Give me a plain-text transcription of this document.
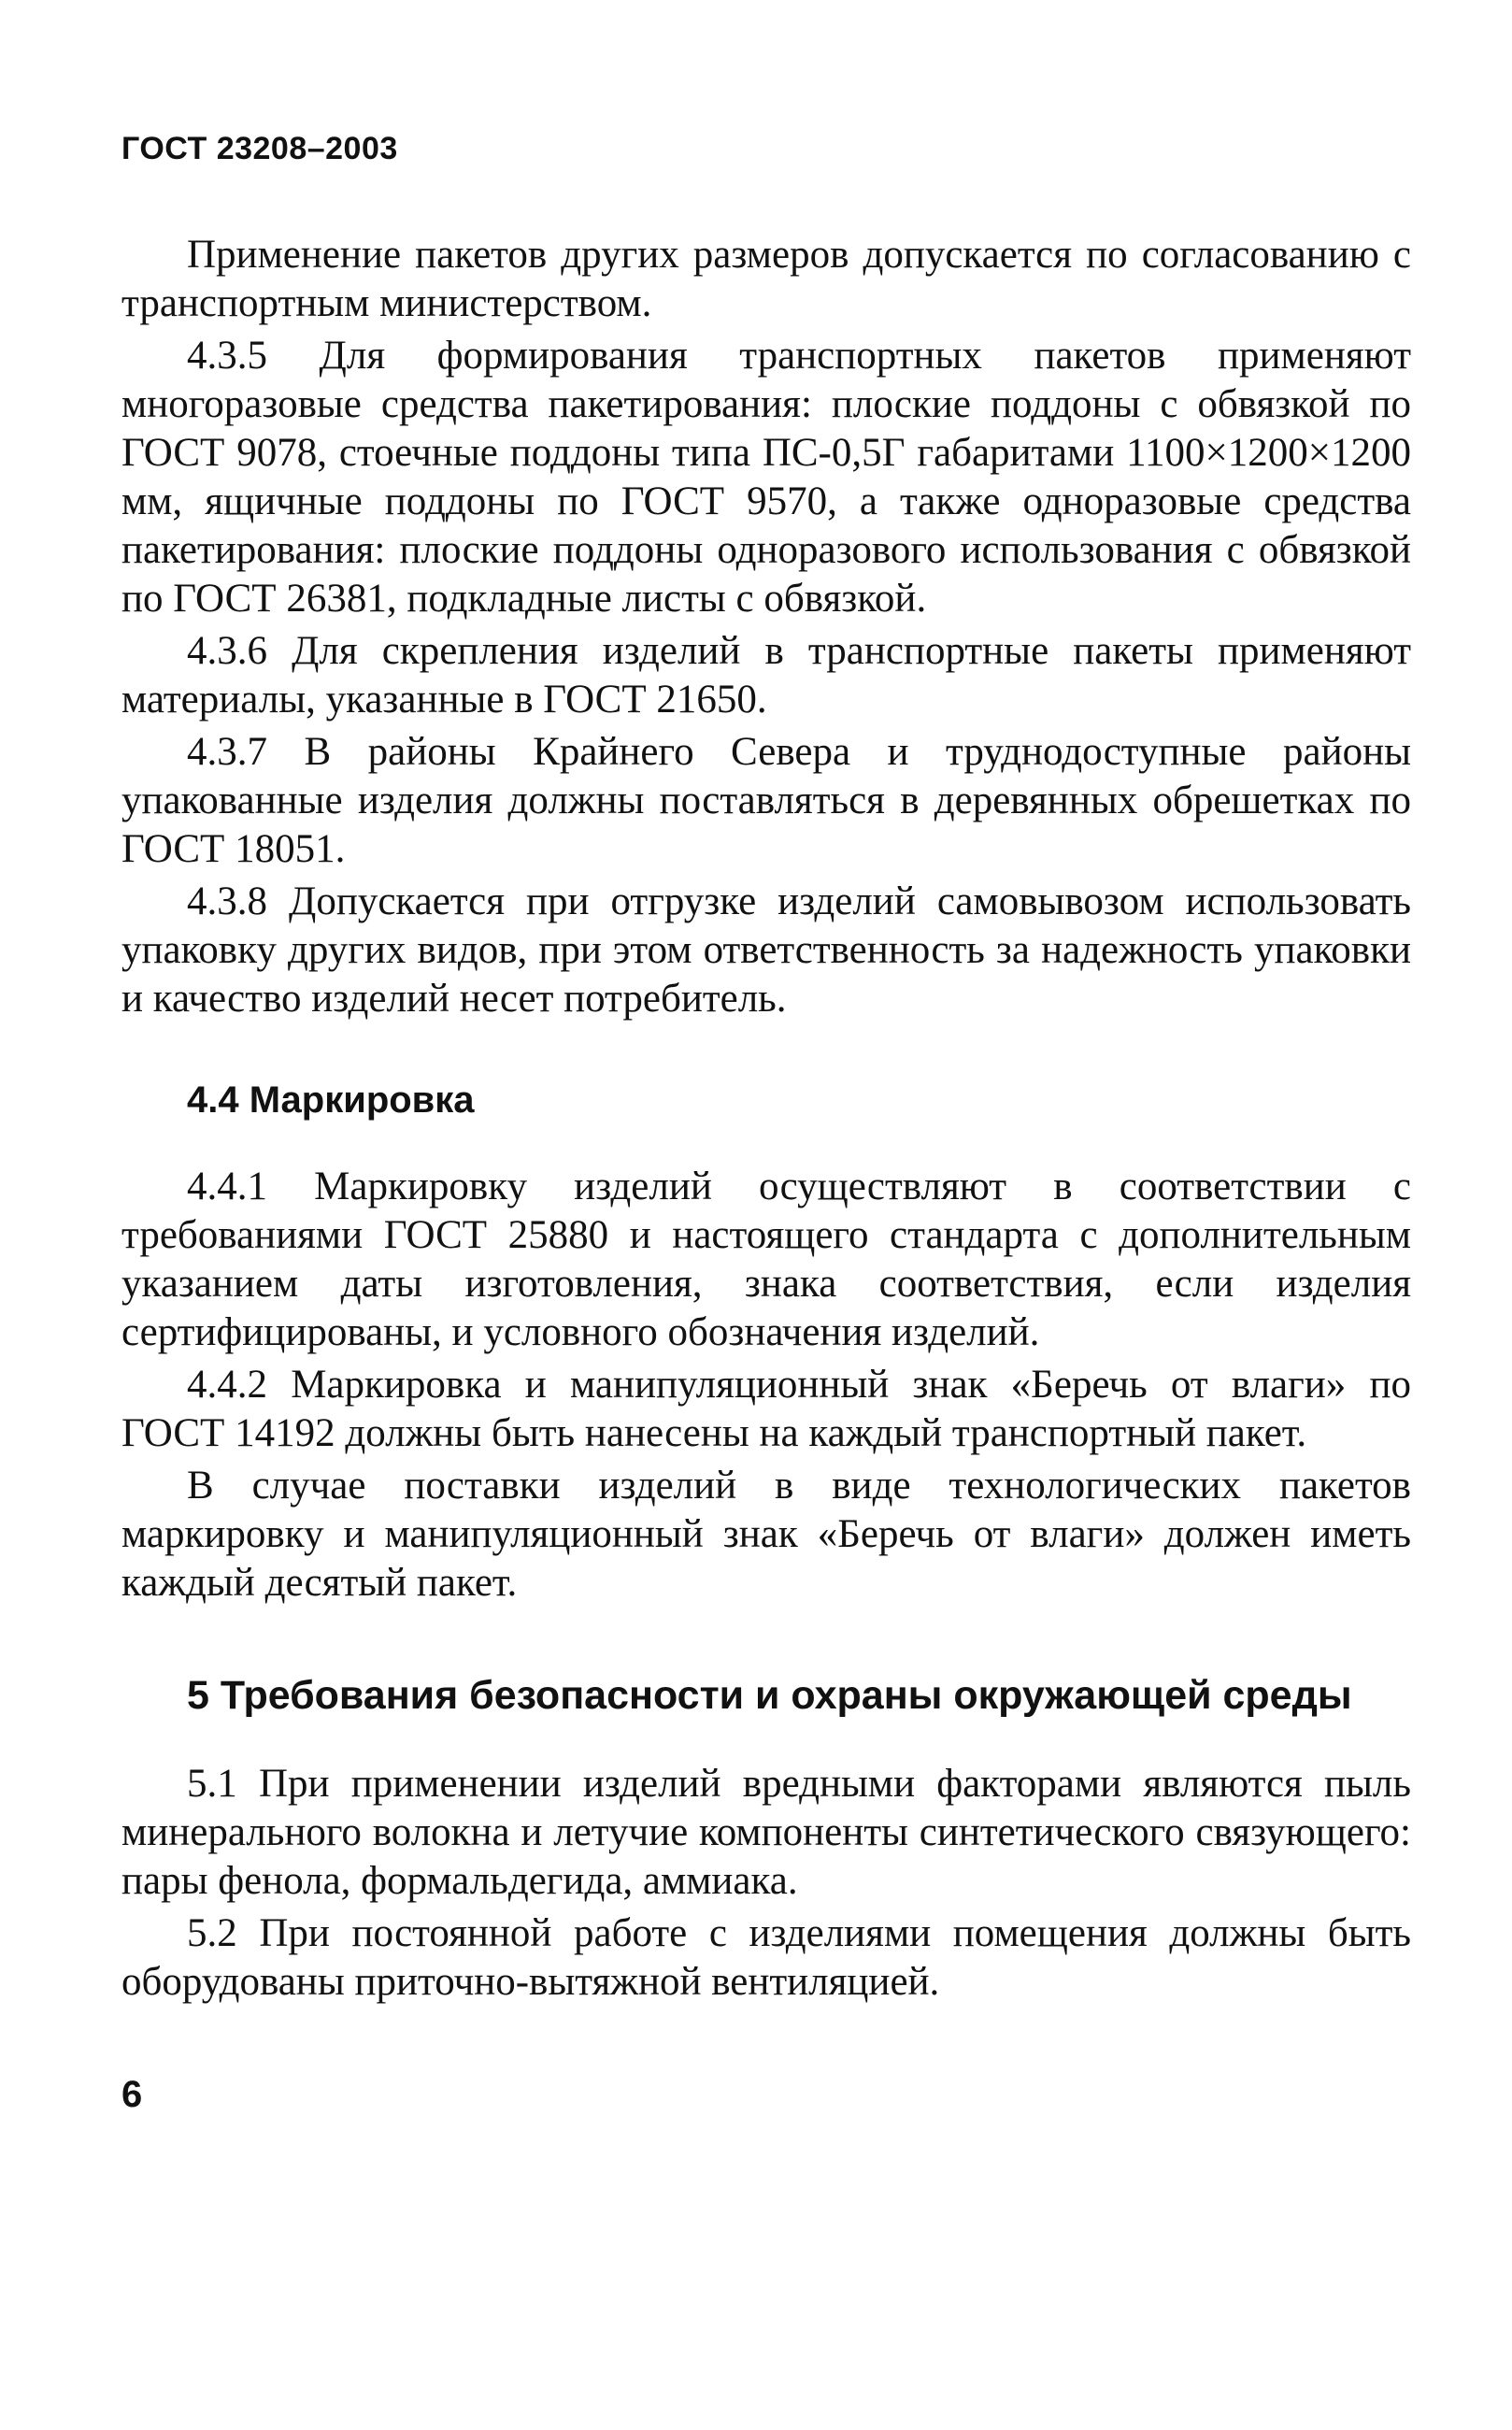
ГОСТ 23208–2003

Применение пакетов других размеров допускается по согласованию с транспортным министерством.

4.3.5 Для формирования транспортных пакетов применяют многоразовые средства пакетирования: плоские поддоны с обвязкой по ГОСТ 9078, стоечные поддоны типа ПС-0,5Г габаритами 1100×1200×1200 мм, ящичные поддоны по ГОСТ 9570, а также одноразовые средства пакетирования: плоские поддоны одноразового использования с обвязкой по ГОСТ 26381, подкладные листы с обвязкой.

4.3.6 Для скрепления изделий в транспортные пакеты применяют материалы, указанные в ГОСТ 21650.

4.3.7 В районы Крайнего Севера и труднодоступные районы упакованные изделия должны поставляться в деревянных обрешетках по ГОСТ 18051.

4.3.8 Допускается при отгрузке изделий самовывозом использовать упаковку других видов, при этом ответственность за надежность упаковки и качество изделий несет потребитель.

4.4 Маркировка

4.4.1 Маркировку изделий осуществляют в соответствии с требованиями ГОСТ 25880 и настоящего стандарта с дополнительным указанием даты изготовления, знака соответствия, если изделия сертифицированы, и условного обозначения изделий.

4.4.2 Маркировка и манипуляционный знак «Беречь от влаги» по ГОСТ 14192 должны быть нанесены на каждый транспортный пакет.

В случае поставки изделий в виде технологических пакетов маркировку и манипуляционный знак «Беречь от влаги» должен иметь каждый десятый пакет.

5 Требования безопасности и охраны окружающей среды

5.1 При применении изделий вредными факторами являются пыль минерального волокна и летучие компоненты синтетического связующего: пары фенола, формальдегида, аммиака.

5.2 При постоянной работе с изделиями помещения должны быть оборудованы приточно-вытяжной вентиляцией.

6
